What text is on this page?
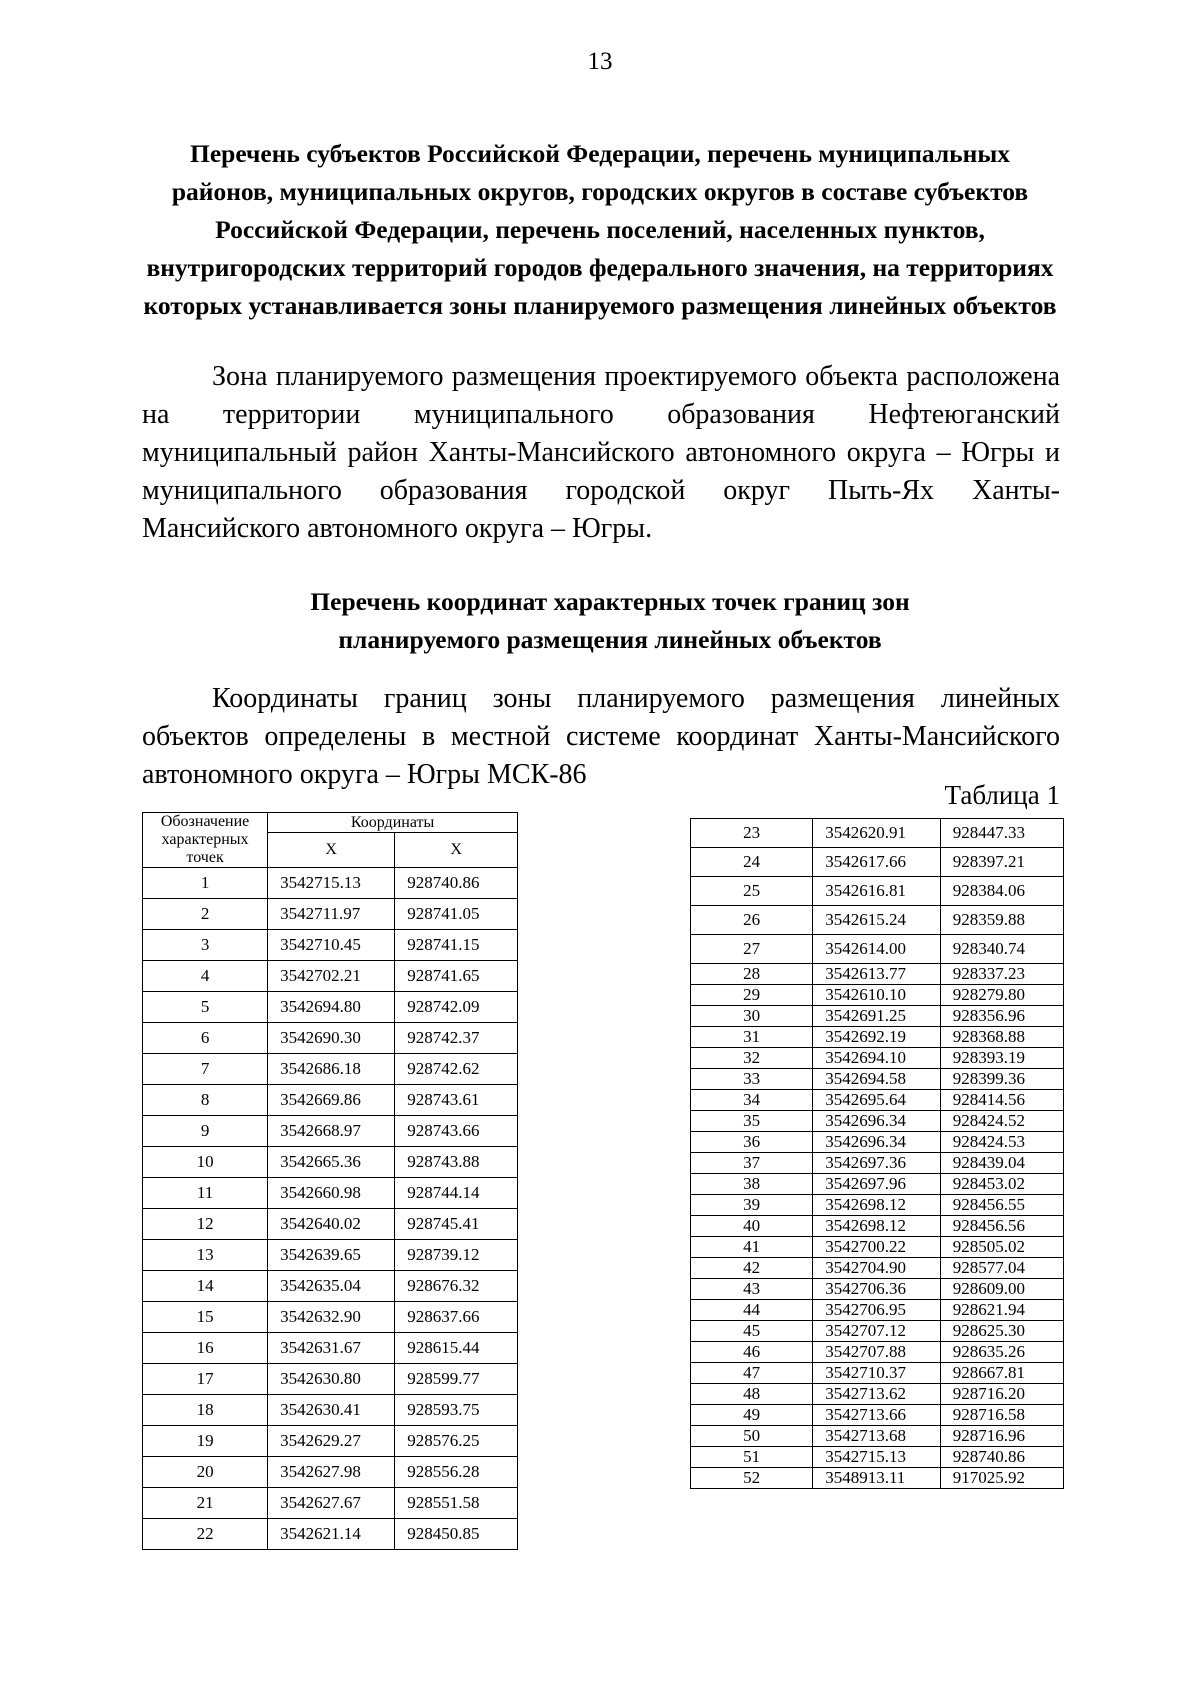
13

Перечень субъектов Российской Федерации, перечень муниципальных районов, муниципальных округов, городских округов в составе субъектов Российской Федерации, перечень поселений, населенных пунктов, внутригородских территорий городов федерального значения, на территориях которых устанавливается зоны планируемого размещения линейных объектов

Зона планируемого размещения проектируемого объекта расположена на территории муниципального образования Нефтеюганский муниципальный район Ханты-Мансийского автономного округа – Югры и муниципального образования городской округ Пыть-Ях Ханты-Мансийского автономного округа – Югры.

Перечень координат характерных точек границ зон планируемого размещения линейных объектов

Координаты границ зоны планируемого размещения линейных объектов определены в местной системе координат Ханты-Мансийского автономного округа – Югры МСК-86

Таблица 1
Обозначение характерных точек	Координаты	
	X	X
1	3542715.13	928740.86
2	3542711.97	928741.05
3	3542710.45	928741.15
4	3542702.21	928741.65
5	3542694.80	928742.09
6	3542690.30	928742.37
7	3542686.18	928742.62
8	3542669.86	928743.61
9	3542668.97	928743.66
10	3542665.36	928743.88
11	3542660.98	928744.14
12	3542640.02	928745.41
13	3542639.65	928739.12
14	3542635.04	928676.32
15	3542632.90	928637.66
16	3542631.67	928615.44
17	3542630.80	928599.77
18	3542630.41	928593.75
19	3542629.27	928576.25
20	3542627.98	928556.28
21	3542627.67	928551.58
22	3542621.14	928450.85
23	3542620.91	928447.33
24	3542617.66	928397.21
25	3542616.81	928384.06
26	3542615.24	928359.88
27	3542614.00	928340.74
28	3542613.77	928337.23
29	3542610.10	928279.80
30	3542691.25	928356.96
31	3542692.19	928368.88
32	3542694.10	928393.19
33	3542694.58	928399.36
34	3542695.64	928414.56
35	3542696.34	928424.52
36	3542696.34	928424.53
37	3542697.36	928439.04
38	3542697.96	928453.02
39	3542698.12	928456.55
40	3542698.12	928456.56
41	3542700.22	928505.02
42	3542704.90	928577.04
43	3542706.36	928609.00
44	3542706.95	928621.94
45	3542707.12	928625.30
46	3542707.88	928635.26
47	3542710.37	928667.81
48	3542713.62	928716.20
49	3542713.66	928716.58
50	3542713.68	928716.96
51	3542715.13	928740.86
52	3548913.11	917025.92
